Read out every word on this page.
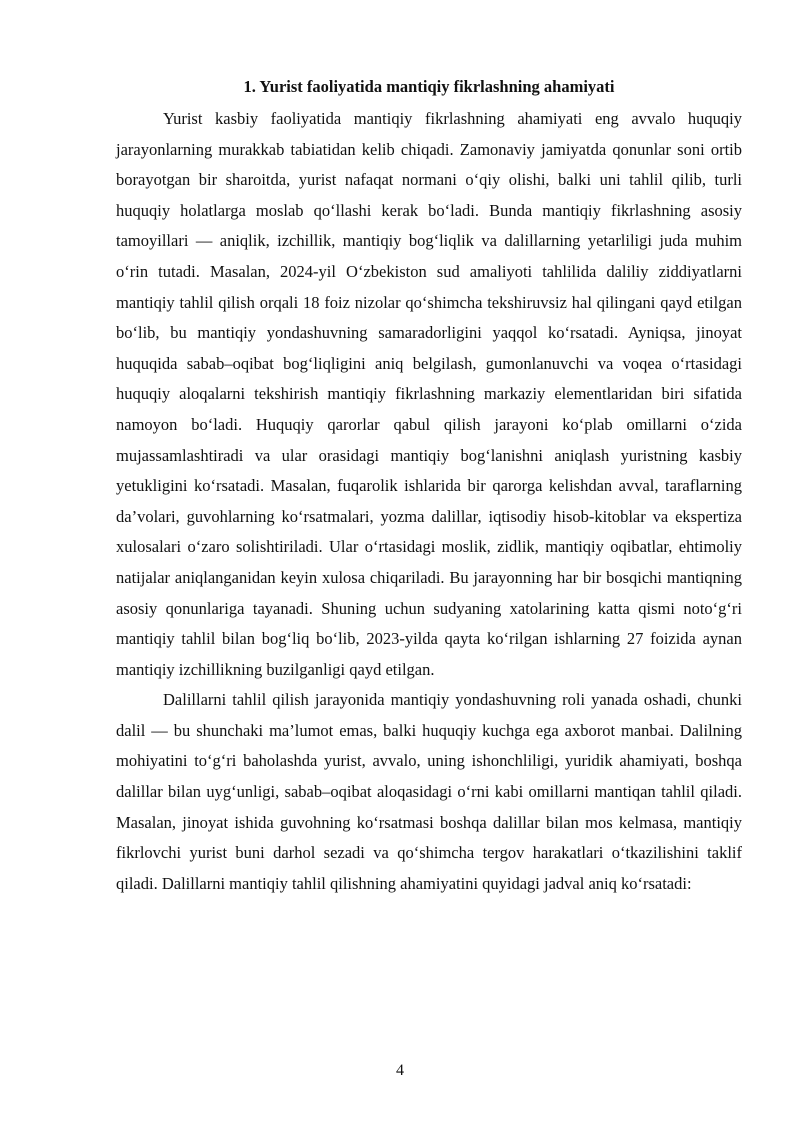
1. Yurist faoliyatida mantiqiy fikrlashning ahamiyati

Yurist kasbiy faoliyatida mantiqiy fikrlashning ahamiyati eng avvalo huquqiy jarayonlarning murakkab tabiatidan kelib chiqadi. Zamonaviy jamiyatda qonunlar soni ortib borayotgan bir sharoitda, yurist nafaqat normani o‘qiy olishi, balki uni tahlil qilib, turli huquqiy holatlarga moslab qo‘llashi kerak bo‘ladi. Bunda mantiqiy fikrlashning asosiy tamoyillari — aniqlik, izchillik, mantiqiy bog‘liqlik va dalillarning yetarliligi juda muhim o‘rin tutadi. Masalan, 2024-yil O‘zbekiston sud amaliyoti tahlilida daliliy ziddiyatlarni mantiqiy tahlil qilish orqali 18 foiz nizolar qo‘shimcha tekshiruvsiz hal qilingani qayd etilgan bo‘lib, bu mantiqiy yondashuvning samaradorligini yaqqol ko‘rsatadi. Ayniqsa, jinoyat huquqida sabab–oqibat bog‘liqligini aniq belgilash, gumonlanuvchi va voqea o‘rtasidagi huquqiy aloqalarni tekshirish mantiqiy fikrlashning markaziy elementlaridan biri sifatida namoyon bo‘ladi. Huquqiy qarorlar qabul qilish jarayoni ko‘plab omillarni o‘zida mujassamlashtiradi va ular orasidagi mantiqiy bog‘lanishni aniqlash yuristning kasbiy yetukligini ko‘rsatadi. Masalan, fuqarolik ishlarida bir qarorga kelishdan avval, taraflarning da’volari, guvohlarning ko‘rsatmalari, yozma dalillar, iqtisodiy hisob-kitoblar va ekspertiza xulosalari o‘zaro solishtiriladi. Ular o‘rtasidagi moslik, zidlik, mantiqiy oqibatlar, ehtimoliy natijalar aniqlanganidan keyin xulosa chiqariladi. Bu jarayonning har bir bosqichi mantiqning asosiy qonunlariga tayanadi. Shuning uchun sudyaning xatolarining katta qismi noto‘g‘ri mantiqiy tahlil bilan bog‘liq bo‘lib, 2023-yilda qayta ko‘rilgan ishlarning 27 foizida aynan mantiqiy izchillikning buzilganligi qayd etilgan.

Dalillarni tahlil qilish jarayonida mantiqiy yondashuvning roli yanada oshadi, chunki dalil — bu shunchaki ma’lumot emas, balki huquqiy kuchga ega axborot manbai. Dalilning mohiyatini to‘g‘ri baholashda yurist, avvalo, uning ishonchliligi, yuridik ahamiyati, boshqa dalillar bilan uyg‘unligi, sabab–oqibat aloqasidagi o‘rni kabi omillarni mantiqan tahlil qiladi. Masalan, jinoyat ishida guvohning ko‘rsatmasi boshqa dalillar bilan mos kelmasa, mantiqiy fikrlovchi yurist buni darhol sezadi va qo‘shimcha tergov harakatlari o‘tkazilishini taklif qiladi. Dalillarni mantiqiy tahlil qilishning ahamiyatini quyidagi jadval aniq ko‘rsatadi:

4
